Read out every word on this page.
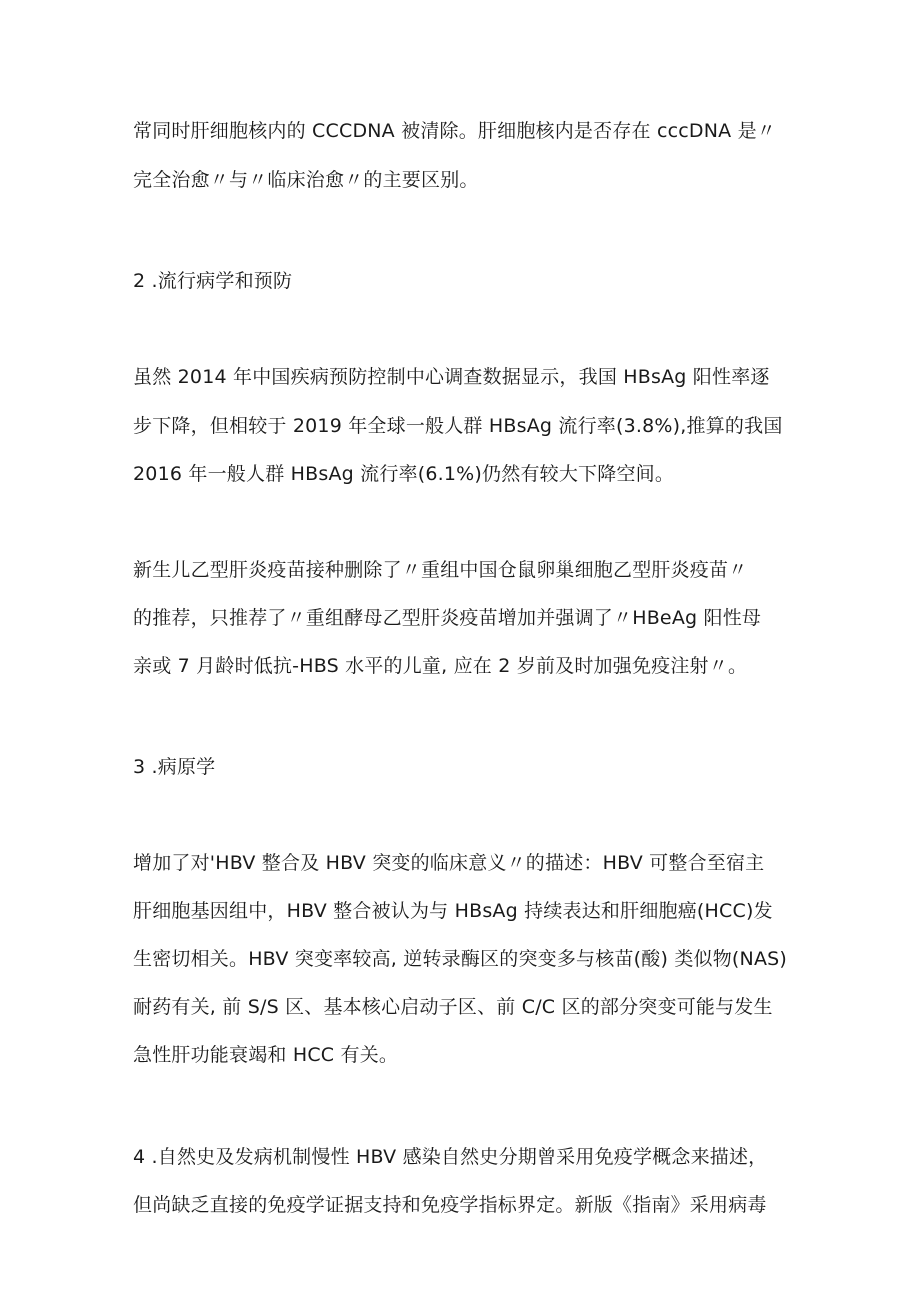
常同时肝细胞核内的 CCCDNA 被清除。肝细胞核内是否存在 cccDNA 是〃
完全治愈〃与〃临床治愈〃的主要区别。
2 .流行病学和预防
虽然 2014 年中国疾病预防控制中心调查数据显示，我国 HBsAg 阳性率逐
步下降，但相较于 2019 年全球一般人群 HBsAg 流行率(3.8%),推算的我国
2016 年一般人群 HBsAg 流行率(6.1%)仍然有较大下降空间。
新生儿乙型肝炎疫苗接种删除了〃重组中国仓鼠卵巢细胞乙型肝炎疫苗〃
的推荐，只推荐了〃重组酵母乙型肝炎疫苗增加并强调了〃HBeAg 阳性母
亲或 7 月龄时低抗-HBS 水平的儿童, 应在 2 岁前及时加强免疫注射〃。
3 .病原学
增加了对'HBV 整合及 HBV 突变的临床意义〃的描述：HBV 可整合至宿主
肝细胞基因组中，HBV 整合被认为与 HBsAg 持续表达和肝细胞癌(HCC)发
生密切相关。HBV 突变率较高, 逆转录酶区的突变多与核苗(酸) 类似物(NAS)
耐药有关, 前 S/S 区、基本核心启动子区、前 C/C 区的部分突变可能与发生
急性肝功能衰竭和 HCC 有关。
4 .自然史及发病机制慢性 HBV 感染自然史分期曾采用免疫学概念来描述，
但尚缺乏直接的免疫学证据支持和免疫学指标界定。新版《指南》采用病毒
